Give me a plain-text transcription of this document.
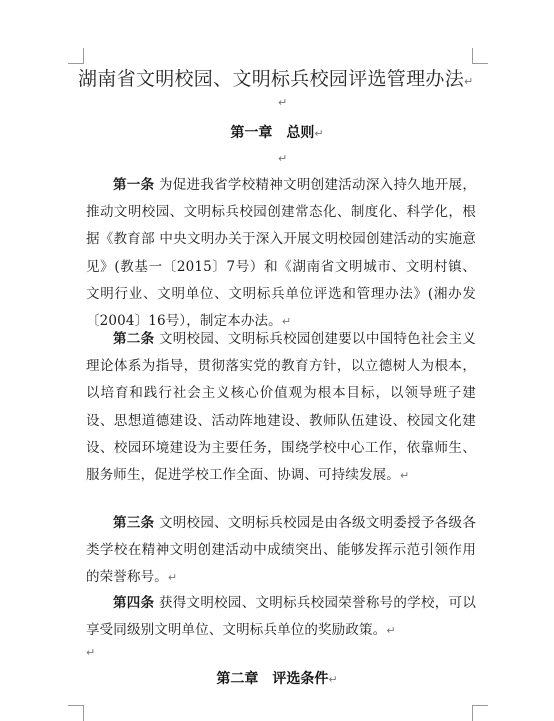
湖南省文明校园、文明标兵校园评选管理办法↵
↵
第一章　总则↵
↵
第一条 为促进我省学校精神文明创建活动深入持久地开展，推动文明校园、文明标兵校园创建常态化、制度化、科学化，根据《教育部 中央文明办关于深入开展文明校园创建活动的实施意见》(教基一〔2015〕7号）和《湖南省文明城市、文明村镇、文明行业、文明单位、文明标兵单位评选和管理办法》(湘办发〔2004〕16号），制定本办法。↵
第二条 文明校园、文明标兵校园创建要以中国特色社会主义理论体系为指导，贯彻落实党的教育方针，以立德树人为根本，以培育和践行社会主义核心价值观为根本目标，以领导班子建设、思想道德建设、活动阵地建设、教师队伍建设、校园文化建设、校园环境建设为主要任务，围绕学校中心工作，依靠师生、服务师生，促进学校工作全面、协调、可持续发展。↵
第三条 文明校园、文明标兵校园是由各级文明委授予各级各类学校在精神文明创建活动中成绩突出、能够发挥示范引领作用的荣誉称号。↵
第四条 获得文明校园、文明标兵校园荣誉称号的学校，可以享受同级别文明单位、文明标兵单位的奖励政策。↵
↵
第二章　评选条件↵
